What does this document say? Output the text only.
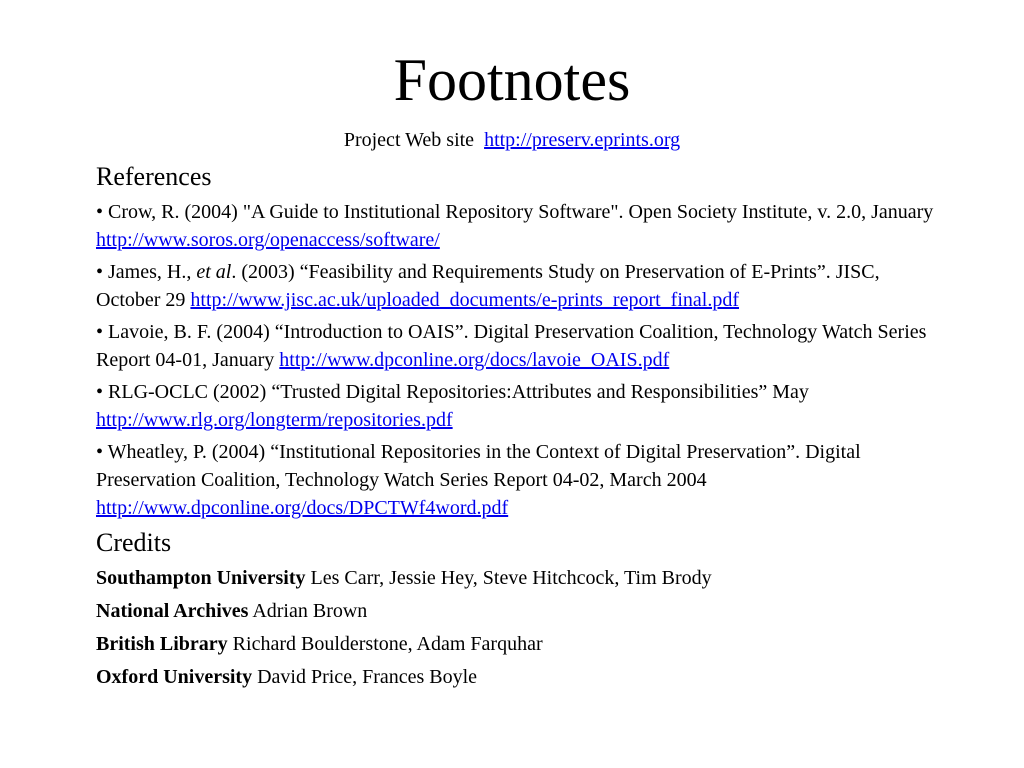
Footnotes
Project Web site http://preserv.eprints.org
References
• Crow, R. (2004) "A Guide to Institutional Repository Software". Open Society Institute, v. 2.0, January http://www.soros.org/openaccess/software/
• James, H., et al. (2003) “Feasibility and Requirements Study on Preservation of E-Prints”. JISC, October 29 http://www.jisc.ac.uk/uploaded_documents/e-prints_report_final.pdf
• Lavoie, B. F. (2004) “Introduction to OAIS”. Digital Preservation Coalition, Technology Watch Series Report 04-01, January http://www.dpconline.org/docs/lavoie_OAIS.pdf
• RLG-OCLC (2002) “Trusted Digital Repositories:Attributes and Responsibilities” May
http://www.rlg.org/longterm/repositories.pdf
• Wheatley, P. (2004) “Institutional Repositories in the Context of Digital Preservation”. Digital Preservation Coalition, Technology Watch Series Report 04-02, March 2004
http://www.dpconline.org/docs/DPCTWf4word.pdf
Credits
Southampton University Les Carr, Jessie Hey, Steve Hitchcock, Tim Brody
National Archives Adrian Brown
British Library Richard Boulderstone, Adam Farquhar
Oxford University David Price, Frances Boyle
